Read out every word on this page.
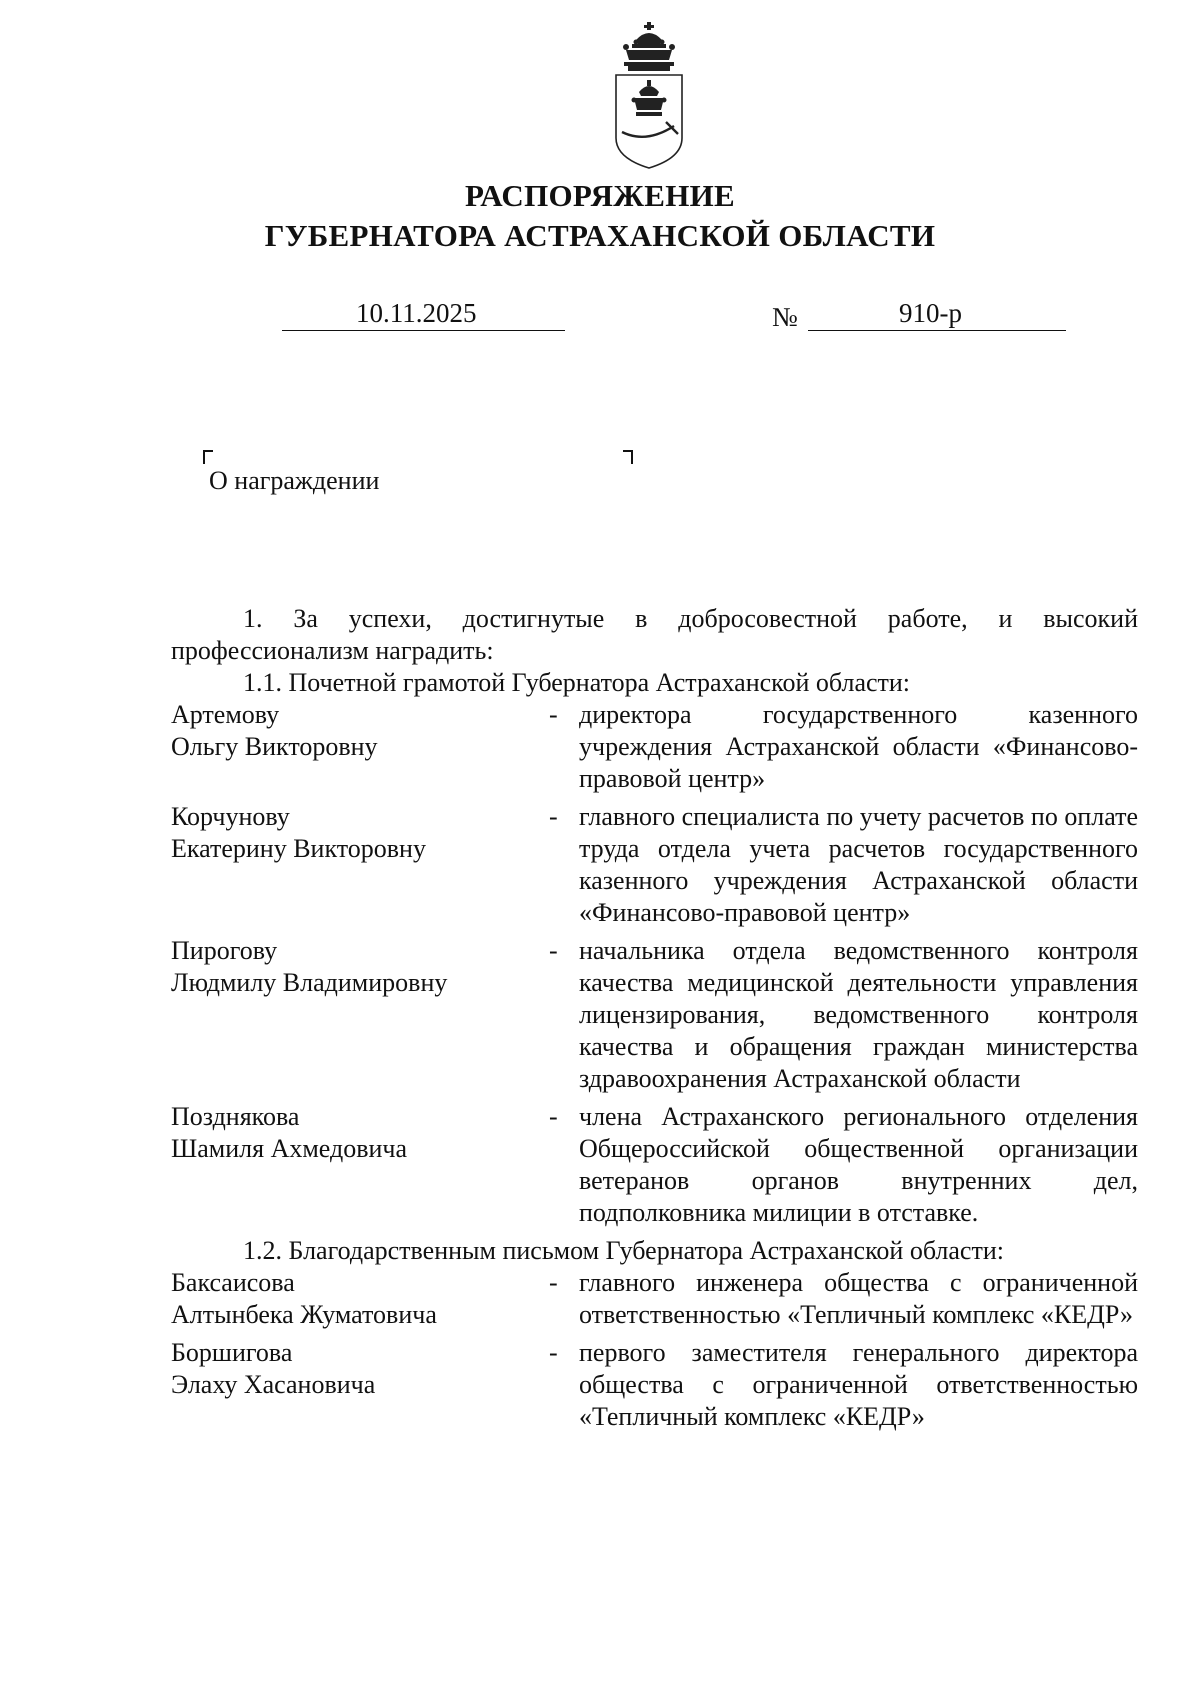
РАСПОРЯЖЕНИЕ
ГУБЕРНАТОРА АСТРАХАНСКОЙ ОБЛАСТИ
10.11.2025	№	910-р
О награждении
1. За успехи, достигнутые в добросовестной работе, и высокий профессионализм наградить:
1.1. Почетной грамотой Губернатора Астраханской области:
Артемову
Ольгу Викторовну
- директора государственного казенного учреждения Астраханской области «Финансово-правовой центр»
Корчунову
Екатерину Викторовну
- главного специалиста по учету расчетов по оплате труда отдела учета расчетов государственного казенного учреждения Астраханской области «Финансово-правовой центр»
Пирогову
Людмилу Владимировну
- начальника отдела ведомственного контроля качества медицинской деятельности управления лицензирования, ведомственного контроля качества и обращения граждан министерства здравоохранения Астраханской области
Позднякова
Шамиля Ахмедовича
- члена Астраханского регионального отделения Общероссийской общественной организации ветеранов органов внутренних дел, подполковника милиции в отставке.
1.2. Благодарственным письмом Губернатора Астраханской области:
Баксаисова
Алтынбека Жуматовича
- главного инженера общества с ограниченной ответственностью «Тепличный комплекс «КЕДР»
Боршигова
Элаху Хасановича
- первого заместителя генерального директора общества с ограниченной ответственностью «Тепличный комплекс «КЕДР»
